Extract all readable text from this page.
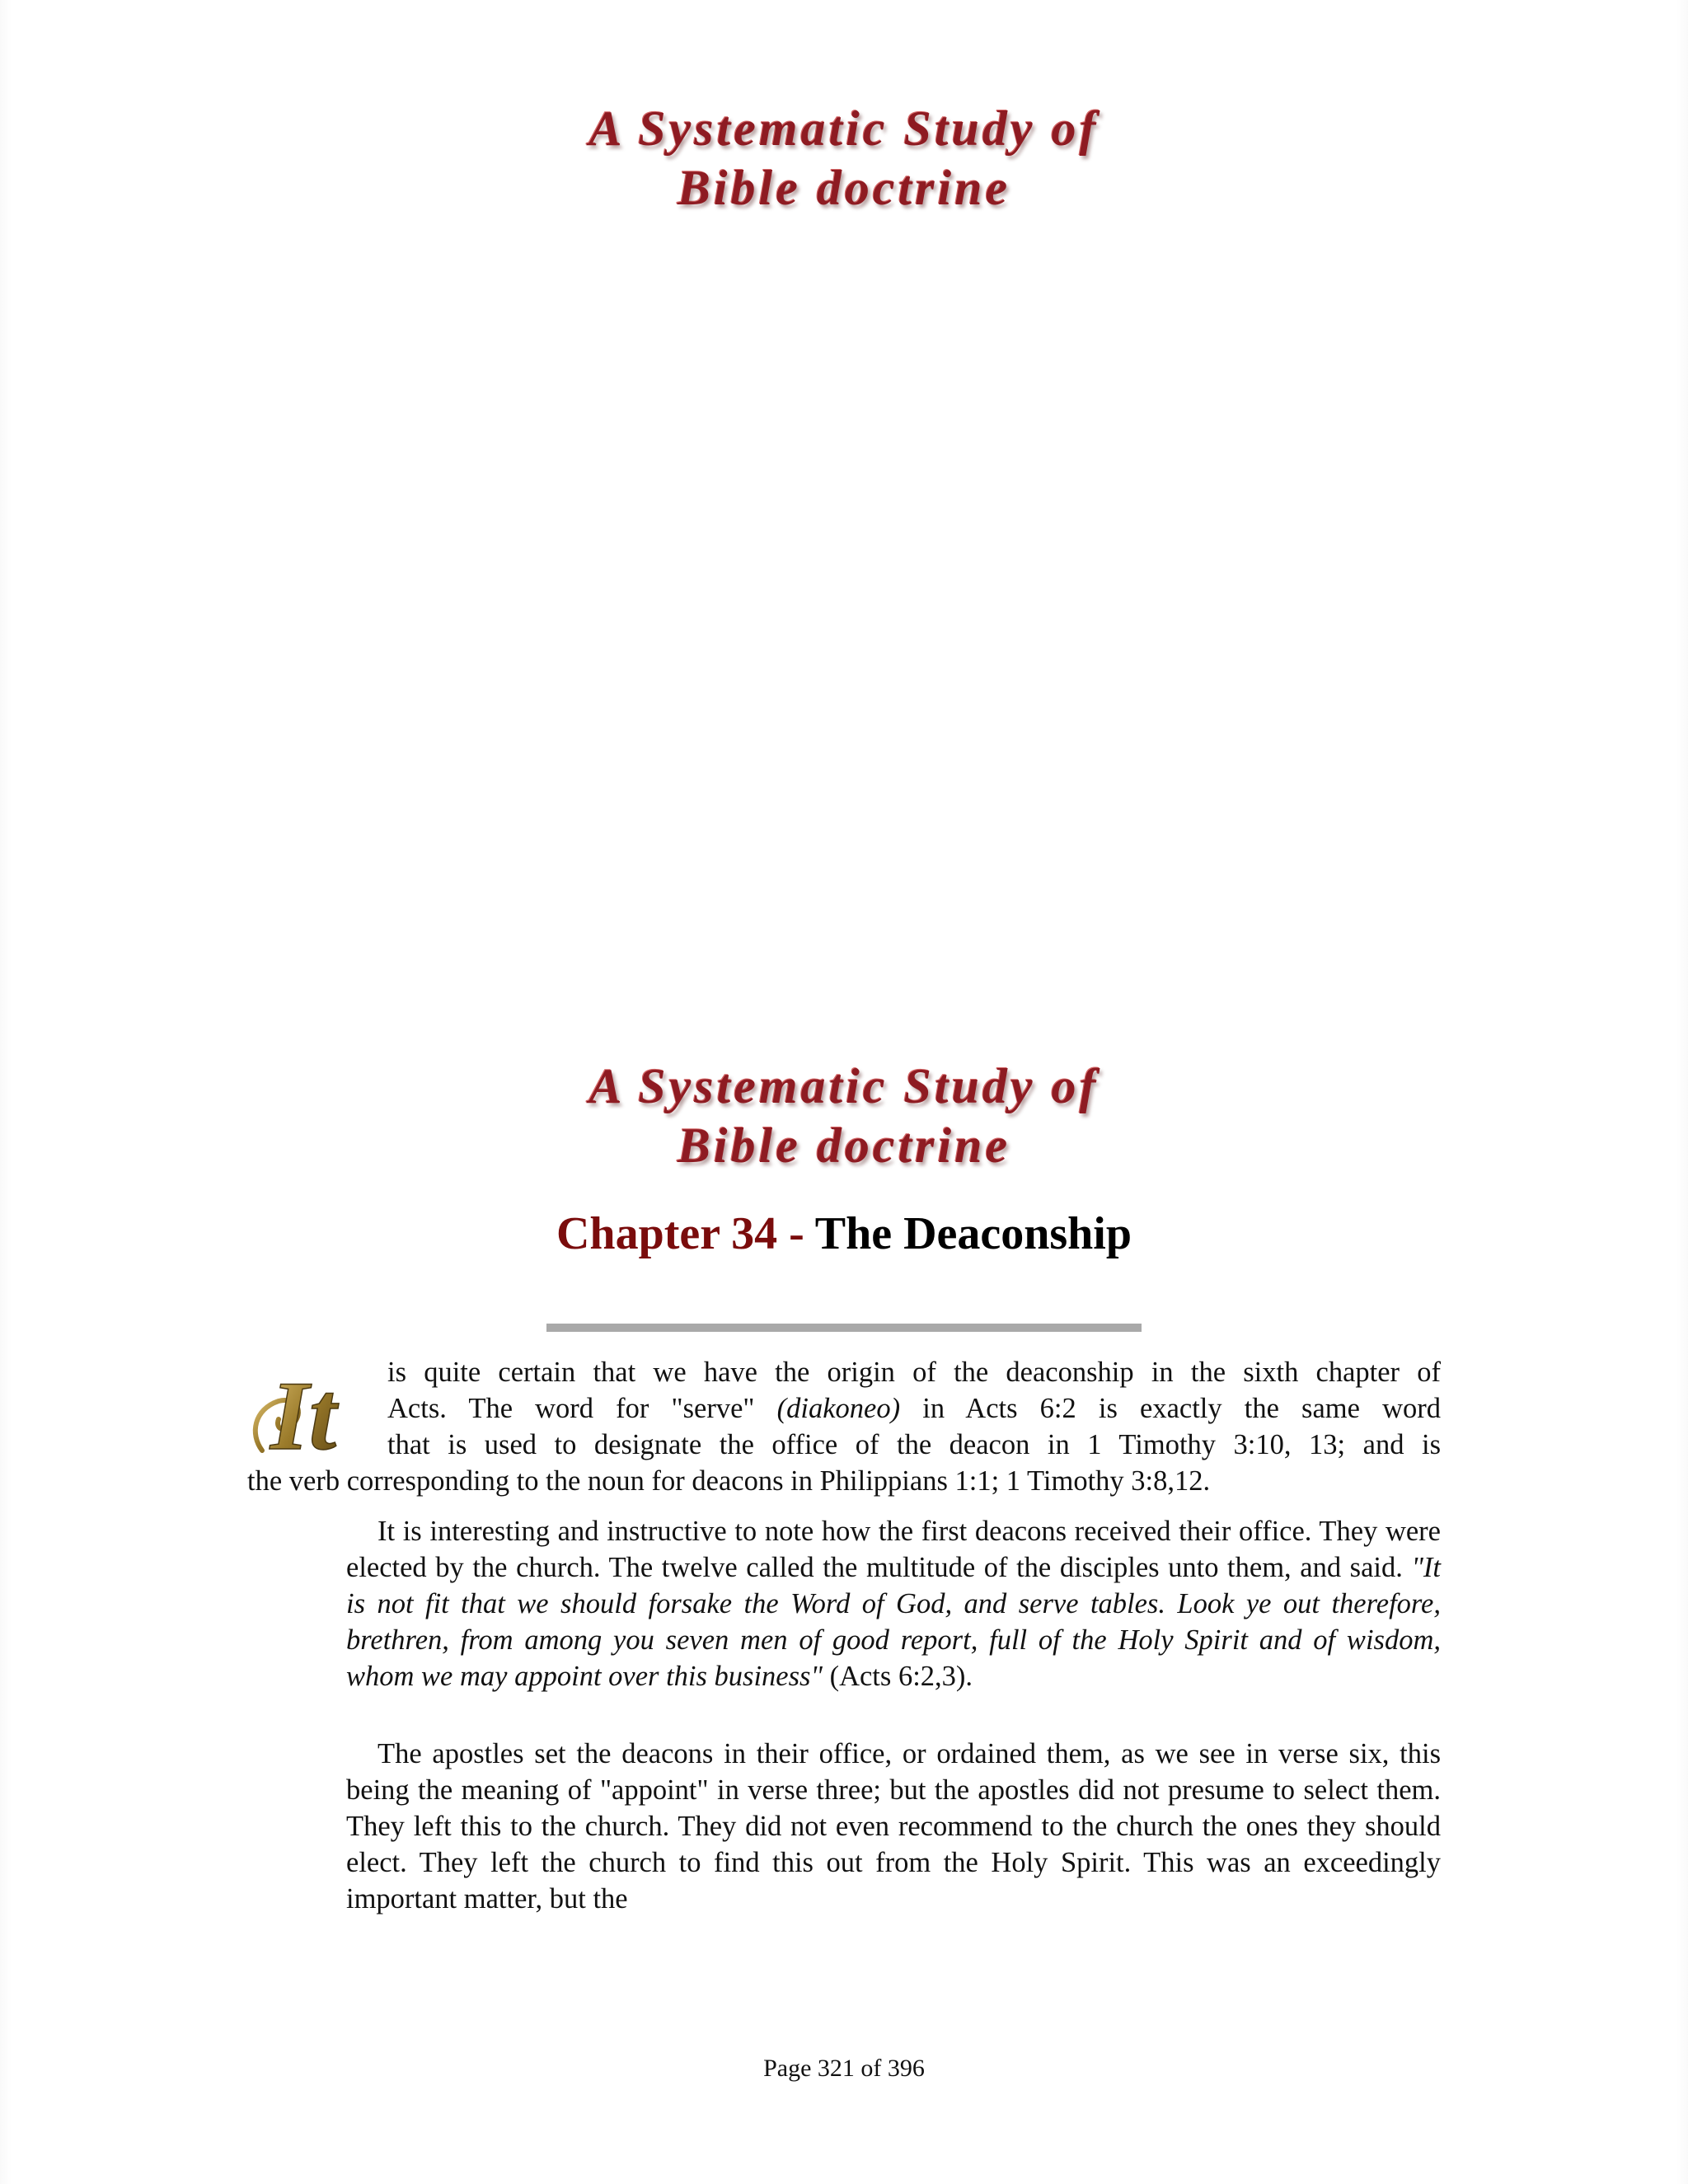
A Systematic Study of
Bible doctrine
A Systematic Study of
Bible doctrine
Chapter 34 - The Deaconship
It is quite certain that we have the origin of the deaconship in the sixth chapter of
Acts. The word for "serve" (diakoneo) in Acts 6:2 is exactly the same word
that is used to designate the office of the deacon in 1 Timothy 3:10, 13; and is
the verb corresponding to the noun for deacons in Philippians 1:1; 1 Timothy 3:8,12.

It is interesting and instructive to note how the first deacons received their office. They were elected by the church. The twelve called the multitude of the disciples unto them, and said. "It is not fit that we should forsake the Word of God, and serve tables. Look ye out therefore, brethren, from among you seven men of good report, full of the Holy Spirit and of wisdom, whom we may appoint over this business" (Acts 6:2,3).

The apostles set the deacons in their office, or ordained them, as we see in verse six, this being the meaning of "appoint" in verse three; but the apostles did not presume to select them. They left this to the church. They did not even recommend to the church the ones they should elect. They left the church to find this out from the Holy Spirit. This was an exceedingly important matter, but the

Page 321 of 396
